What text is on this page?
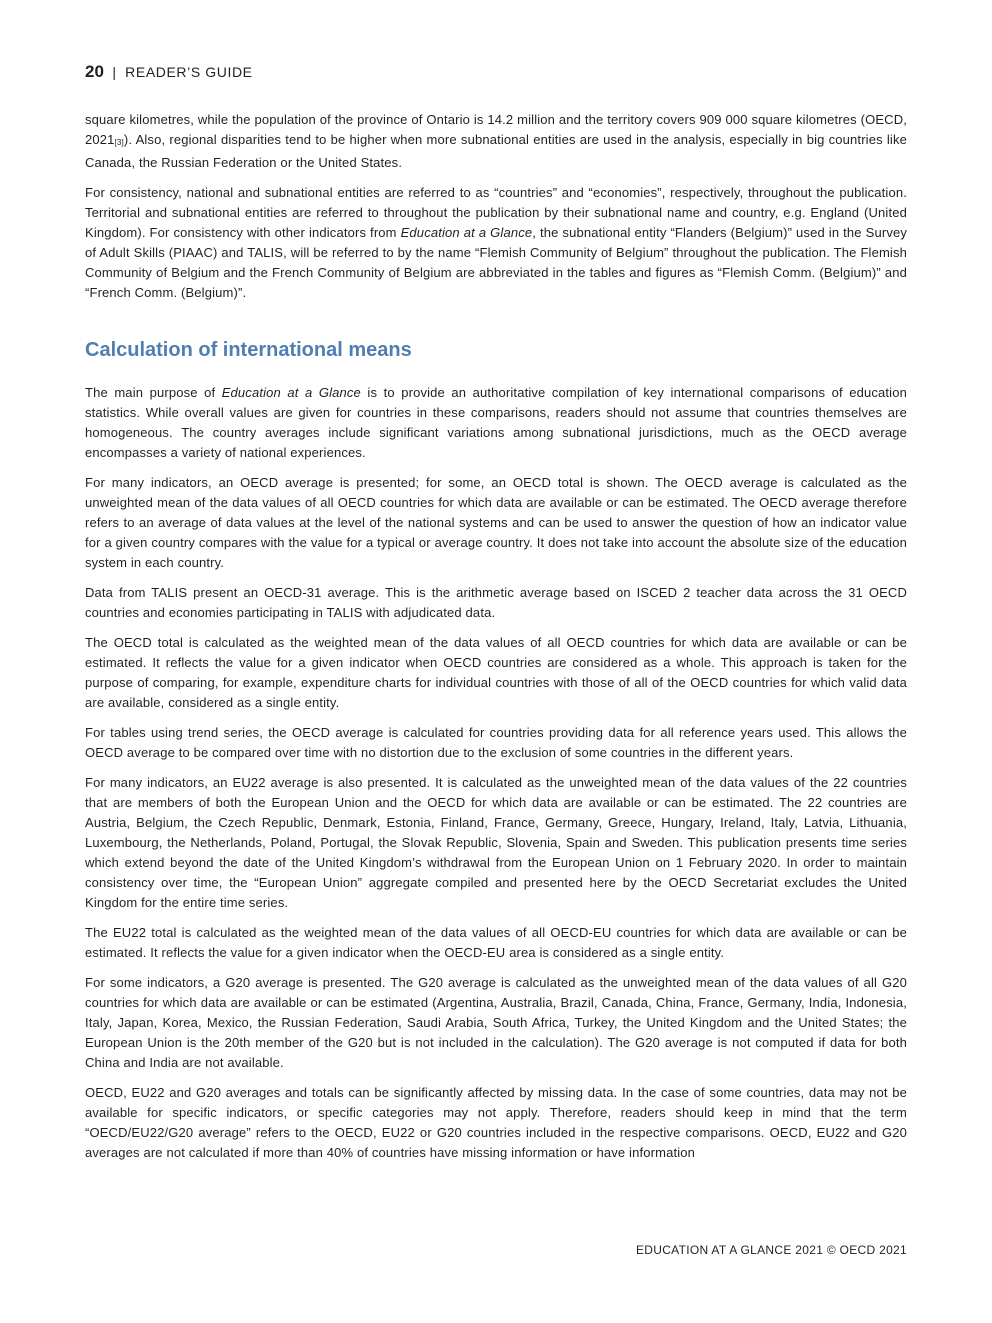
20 | READER’S GUIDE

square kilometres, while the population of the province of Ontario is 14.2 million and the territory covers 909 000 square kilometres (OECD, $2021_{[3]}$). Also, regional disparities tend to be higher when more subnational entities are used in the analysis, especially in big countries like Canada, the Russian Federation or the United States.

For consistency, national and subnational entities are referred to as “countries” and “economies”, respectively, throughout the publication. Territorial and subnational entities are referred to throughout the publication by their subnational name and country, e.g. England (United Kingdom). For consistency with other indicators from Education at a Glance, the subnational entity “Flanders (Belgium)” used in the Survey of Adult Skills (PIAAC) and TALIS, will be referred to by the name “Flemish Community of Belgium” throughout the publication. The Flemish Community of Belgium and the French Community of Belgium are abbreviated in the tables and figures as “Flemish Comm. (Belgium)” and “French Comm. (Belgium)”.

Calculation of international means

The main purpose of Education at a Glance is to provide an authoritative compilation of key international comparisons of education statistics. While overall values are given for countries in these comparisons, readers should not assume that countries themselves are homogeneous. The country averages include significant variations among subnational jurisdictions, much as the OECD average encompasses a variety of national experiences.

For many indicators, an OECD average is presented; for some, an OECD total is shown. The OECD average is calculated as the unweighted mean of the data values of all OECD countries for which data are available or can be estimated. The OECD average therefore refers to an average of data values at the level of the national systems and can be used to answer the question of how an indicator value for a given country compares with the value for a typical or average country. It does not take into account the absolute size of the education system in each country.

Data from TALIS present an OECD-31 average. This is the arithmetic average based on ISCED 2 teacher data across the 31 OECD countries and economies participating in TALIS with adjudicated data.

The OECD total is calculated as the weighted mean of the data values of all OECD countries for which data are available or can be estimated. It reflects the value for a given indicator when OECD countries are considered as a whole. This approach is taken for the purpose of comparing, for example, expenditure charts for individual countries with those of all of the OECD countries for which valid data are available, considered as a single entity.

For tables using trend series, the OECD average is calculated for countries providing data for all reference years used. This allows the OECD average to be compared over time with no distortion due to the exclusion of some countries in the different years.

For many indicators, an EU22 average is also presented. It is calculated as the unweighted mean of the data values of the 22 countries that are members of both the European Union and the OECD for which data are available or can be estimated. The 22 countries are Austria, Belgium, the Czech Republic, Denmark, Estonia, Finland, France, Germany, Greece, Hungary, Ireland, Italy, Latvia, Lithuania, Luxembourg, the Netherlands, Poland, Portugal, the Slovak Republic, Slovenia, Spain and Sweden. This publication presents time series which extend beyond the date of the United Kingdom’s withdrawal from the European Union on 1 February 2020. In order to maintain consistency over time, the “European Union” aggregate compiled and presented here by the OECD Secretariat excludes the United Kingdom for the entire time series.

The EU22 total is calculated as the weighted mean of the data values of all OECD-EU countries for which data are available or can be estimated. It reflects the value for a given indicator when the OECD-EU area is considered as a single entity.

For some indicators, a G20 average is presented. The G20 average is calculated as the unweighted mean of the data values of all G20 countries for which data are available or can be estimated (Argentina, Australia, Brazil, Canada, China, France, Germany, India, Indonesia, Italy, Japan, Korea, Mexico, the Russian Federation, Saudi Arabia, South Africa, Turkey, the United Kingdom and the United States; the European Union is the 20th member of the G20 but is not included in the calculation). The G20 average is not computed if data for both China and India are not available.

OECD, EU22 and G20 averages and totals can be significantly affected by missing data. In the case of some countries, data may not be available for specific indicators, or specific categories may not apply. Therefore, readers should keep in mind that the term “OECD/EU22/G20 average” refers to the OECD, EU22 or G20 countries included in the respective comparisons. OECD, EU22 and G20 averages are not calculated if more than 40% of countries have missing information or have information

EDUCATION AT A GLANCE 2021 © OECD 2021
